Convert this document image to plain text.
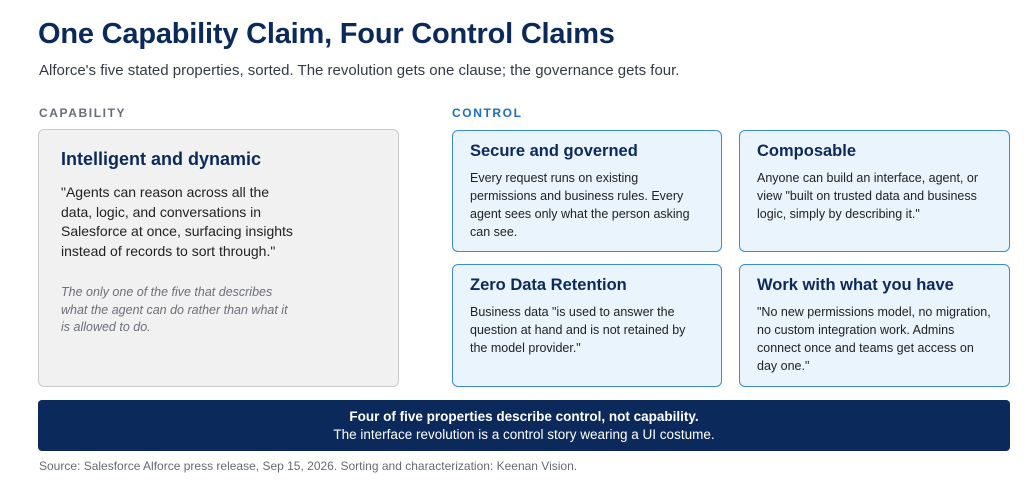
One Capability Claim, Four Control Claims

Alforce's five stated properties, sorted. The revolution gets one clause; the governance gets four.

CAPABILITY	CONTROL
Intelligent and dynamic
"Agents can reason across all the data, logic, and conversations in Salesforce at once, surfacing insights instead of records to sort through."
The only one of the five that describes what the agent can do rather than what it is allowed to do.
Secure and governed
Every request runs on existing permissions and business rules. Every agent sees only what the person asking can see.
Composable
Anyone can build an interface, agent, or view "built on trusted data and business logic, simply by describing it."
Zero Data Retention
Business data "is used to answer the question at hand and is not retained by the model provider."
Work with what you have
"No new permissions model, no migration, no custom integration work. Admins connect once and teams get access on day one."
Four of five properties describe control, not capability.
The interface revolution is a control story wearing a UI costume.
Source: Salesforce Alforce press release, Sep 15, 2026. Sorting and characterization: Keenan Vision.
